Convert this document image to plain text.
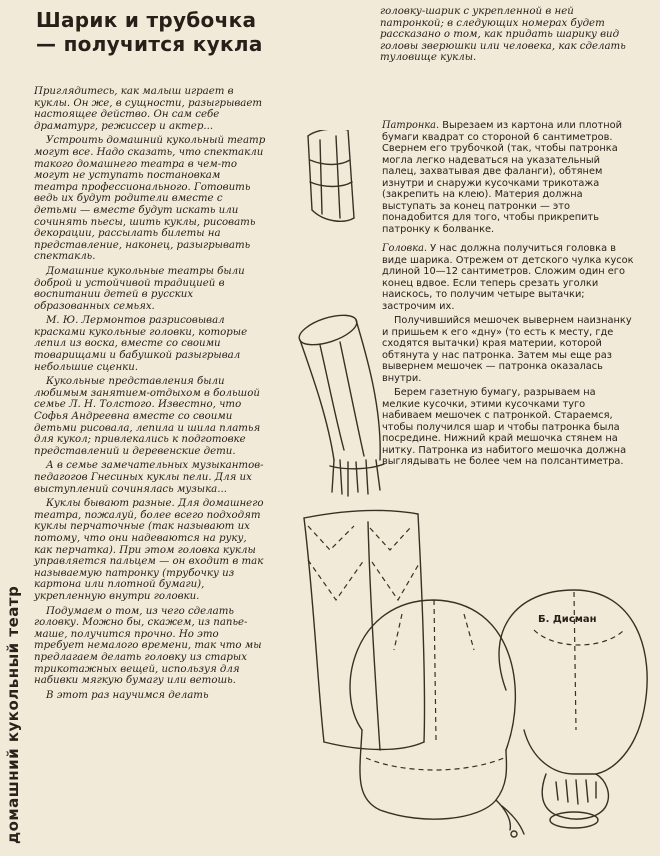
Шарик и трубочка — получится кукла
домашний кукольный театр

Приглядитесь, как малыш играет в куклы. Он же, в сущности, разыгрывает настоящее действо. Он сам себе драматург, режиссер и актер...

Устроить домашний кукольный театр могут все. Надо сказать, что спектакли такого домашнего театра в чем-то могут не уступать постановкам театра профессионального. Готовить ведь их будут родители вместе с детьми — вместе будут искать или сочинять пьесы, шить куклы, рисовать декорации, рассылать билеты на представление, наконец, разыгрывать спектакль.

Домашние кукольные театры были доброй и устойчивой традицией в воспитании детей в русских образованных семьях.

М. Ю. Лермонтов разрисовывал красками кукольные головки, которые лепил из воска, вместе со своими товарищами и бабушкой разыгрывал небольшие сценки.

Кукольные представления были любимым занятием-отдыхом в большой семье Л. Н. Толстого. Известно, что Софья Андреевна вместе со своими детьми рисовала, лепила и шила платья для кукол; привлекались к подготовке представлений и деревенские дети.

А в семье замечательных музыкантов-педагогов Гнесиных куклы пели. Для их выступлений сочинялась музыка...

Куклы бывают разные. Для домашнего театра, пожалуй, более всего подходят куклы перчаточные (так называют их потому, что они надеваются на руку, как перчатка). При этом головка куклы управляется пальцем — он входит в так называемую патронку (трубочку из картона или плотной бумаги), укрепленную внутри головки.

Подумаем о том, из чего сделать головку. Можно бы, скажем, из папье-маше, получится прочно. Но это требует немалого времени, так что мы предлагаем делать головку из старых трикотажных вещей, используя для набивки мягкую бумагу или ветошь.

В этот раз научимся делать

головку-шарик с укрепленной в ней патронкой; в следующих номерах будет рассказано о том, как придать шарику вид головы зверюшки или человека, как сделать туловище куклы.

Патронка. Вырезаем из картона или плотной бумаги квадрат со стороной 6 сантиметров. Свернем его трубочкой (так, чтобы патронка могла легко надеваться на указательный палец, захватывая две фаланги), обтянем изнутри и снаружи кусочками трикотажа (закрепить на клею). Материя должна выступать за конец патронки — это понадобится для того, чтобы прикрепить патронку к болванке.

Головка. У нас должна получиться головка в виде шарика. Отрежем от детского чулка кусок длиной 10—12 сантиметров. Сложим один его конец вдвое. Если теперь срезать уголки наискось, то получим четыре вытачки; застрочим их.

Получившийся мешочек вывернем наизнанку и пришьем к его «дну» (то есть к месту, где сходятся вытачки) края материи, которой обтянута у нас патронка. Затем мы еще раз вывернем мешочек — патронка оказалась внутри.

Берем газетную бумагу, разрываем на мелкие кусочки, этими кусочками туго набиваем мешочек с патронкой. Стараемся, чтобы получился шар и чтобы патронка была посредине. Нижний край мешочка стянем на нитку. Патронка из набитого мешочка должна выглядывать не более чем на полсантиметра.

Б. Дисман
